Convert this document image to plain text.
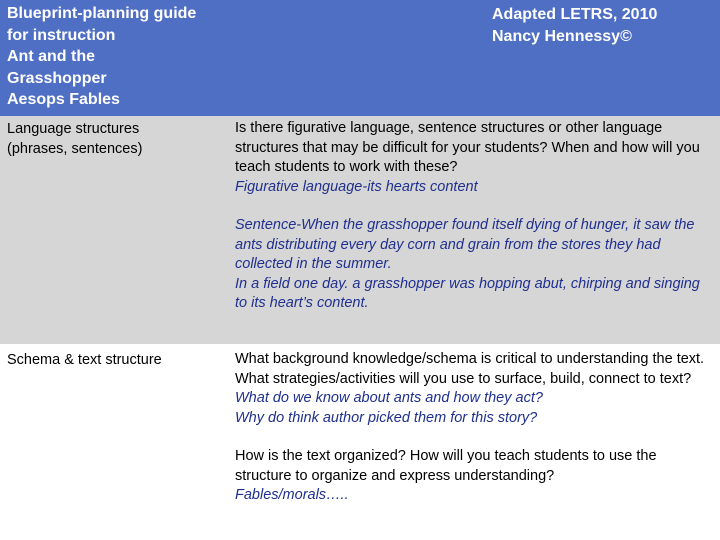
Blueprint-planning guide
for instruction
Ant and the
Grasshopper
Aesops Fables
Adapted LETRS, 2010
Nancy Hennessy©
Language structures
(phrases, sentences)

Is there figurative language, sentence structures or other language structures that may be difficult for your students? When and how will you teach students to work with these?

Figurative language-its hearts content

Sentence-When the grasshopper found itself dying of hunger, it saw the ants distributing every day corn and grain from the stores they had collected in the summer.

In a field one day. a grasshopper was hopping abut, chirping and singing to its heart’s content.

Schema & text structure	What background knowledge/schema is critical to understanding the text. What strategies/activities will you use to surface, build, connect to text?

What do we know about ants and how they act?

Why do think author picked them for this story?

How is the text organized? How will you teach students to use the structure to organize and express understanding?

Fables/morals…..
